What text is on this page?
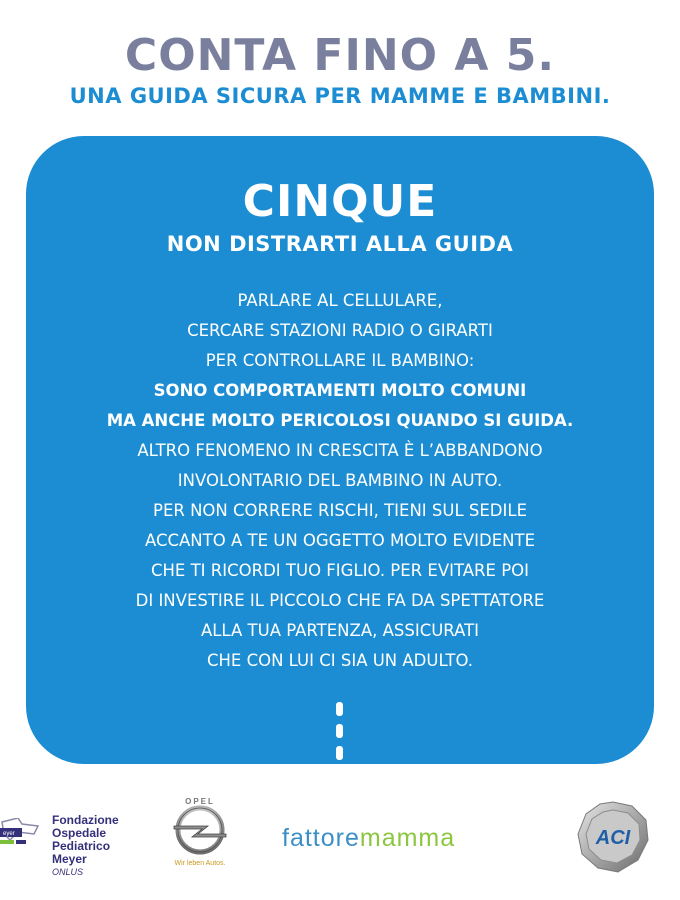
CONTA FINO A 5.
UNA GUIDA SICURA PER MAMME E BAMBINI.
CINQUE
NON DISTRARTI ALLA GUIDA
PARLARE AL CELLULARE,
CERCARE STAZIONI RADIO O GIRARTI
PER CONTROLLARE IL BAMBINO:
SONO COMPORTAMENTI MOLTO COMUNI
MA ANCHE MOLTO PERICOLOSI QUANDO SI GUIDA.
ALTRO FENOMENO IN CRESCITA È L’ABBANDONO
INVOLONTARIO DEL BAMBINO IN AUTO.
PER NON CORRERE RISCHI, TIENI SUL SEDILE
ACCANTO A TE UN OGGETTO MOLTO EVIDENTE
CHE TI RICORDI TUO FIGLIO. PER EVITARE POI
DI INVESTIRE IL PICCOLO CHE FA DA SPETTATORE
ALLA TUA PARTENZA, ASSICURATI
CHE CON LUI CI SIA UN ADULTO.
eyer
Fondazione
Ospedale
Pediatrico
Meyer
ONLUS
OPEL
Wir leben Autos.
fattoremamma	ACI
